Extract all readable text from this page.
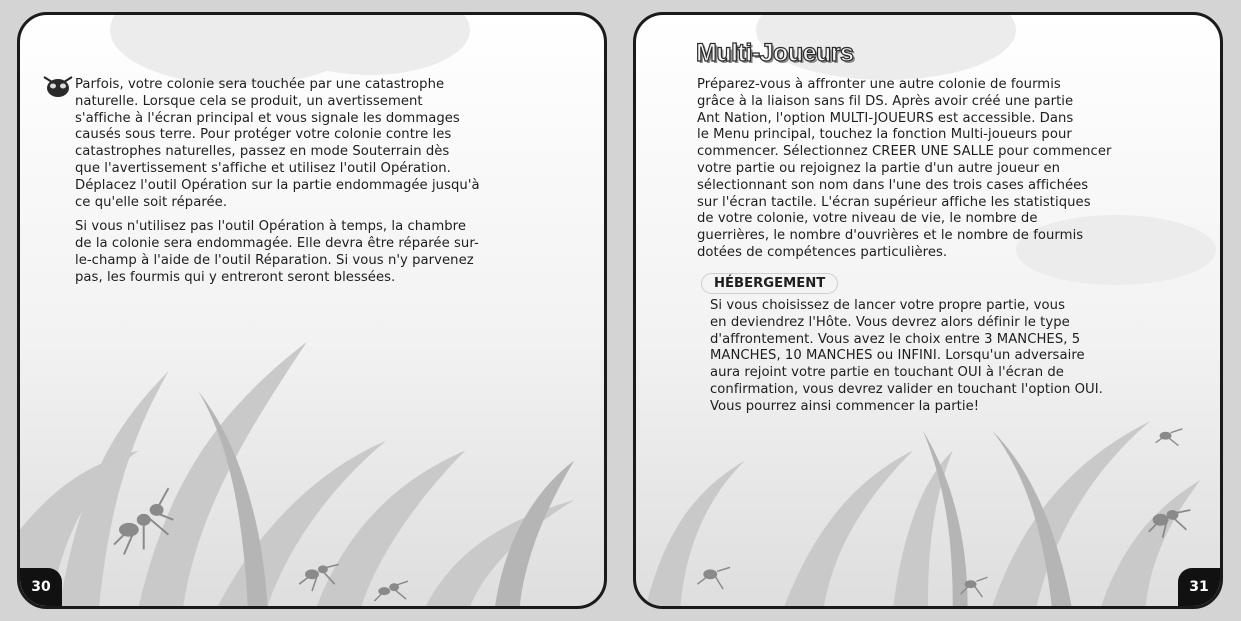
Parfois, votre colonie sera touchée par une catastrophe
naturelle. Lorsque cela se produit, un avertissement
s'affiche à l'écran principal et vous signale les dommages
causés sous terre. Pour protéger votre colonie contre les
catastrophes naturelles, passez en mode Souterrain dès
que l'avertissement s'affiche et utilisez l'outil Opération.
Déplacez l'outil Opération sur la partie endommagée jusqu'à
ce qu'elle soit réparée.

Si vous n'utilisez pas l'outil Opération à temps, la chambre
de la colonie sera endommagée. Elle devra être réparée sur-
le-champ à l'aide de l'outil Réparation. Si vous n'y parvenez
pas, les fourmis qui y entreront seront blessées.

30
Multi-Joueurs

Préparez-vous à affronter une autre colonie de fourmis
grâce à la liaison sans fil DS. Après avoir créé une partie
Ant Nation, l'option MULTI-JOUEURS est accessible. Dans
le Menu principal, touchez la fonction Multi-joueurs pour
commencer. Sélectionnez CREER UNE SALLE pour commencer
votre partie ou rejoignez la partie d'un autre joueur en
sélectionnant son nom dans l'une des trois cases affichées
sur l'écran tactile. L'écran supérieur affiche les statistiques
de votre colonie, votre niveau de vie, le nombre de
guerrières, le nombre d'ouvrières et le nombre de fourmis
dotées de compétences particulières.

HÉBERGEMENT

Si vous choisissez de lancer votre propre partie, vous
en deviendrez l'Hôte. Vous devrez alors définir le type
d'affrontement. Vous avez le choix entre 3 MANCHES, 5
MANCHES, 10 MANCHES ou INFINI. Lorsqu'un adversaire
aura rejoint votre partie en touchant OUI à l'écran de
confirmation, vous devrez valider en touchant l'option OUI.
Vous pourrez ainsi commencer la partie!

31
